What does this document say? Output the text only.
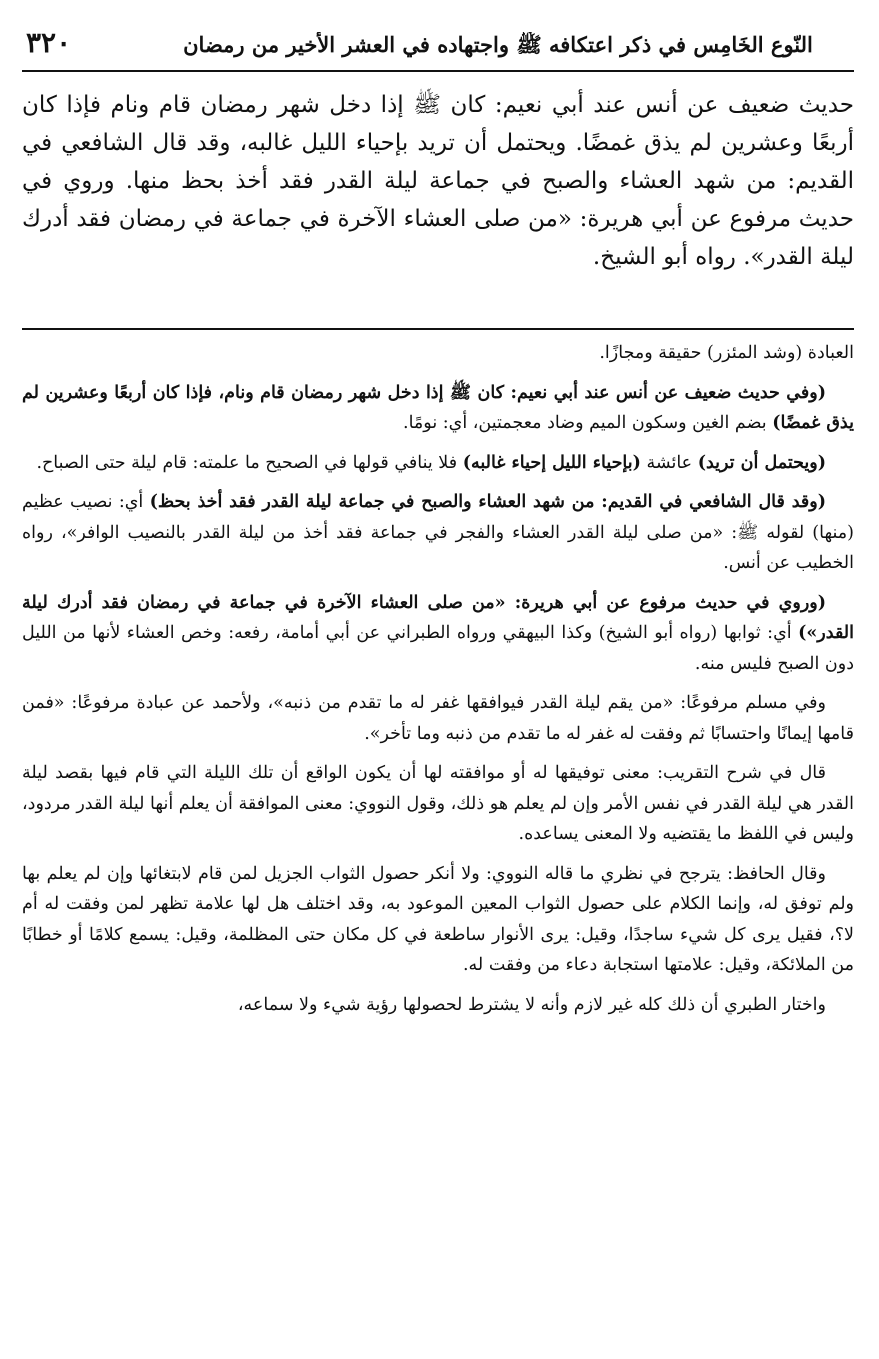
٣٢٠	النّوع الخَامِس في ذكر اعتكافه ﷺ واجتهاده في العشر الأخير من رمضان
حديث ضعيف عن أنس عند أبي نعيم: كان ﷺ إذا دخل شهر رمضان قام ونام فإذا كان أربعًا وعشرين لم يذق غمضًا. ويحتمل أن تريد بإحياء الليل غالبه، وقد قال الشافعي في القديم: من شهد العشاء والصبح في جماعة ليلة القدر فقد أخذ بحظ منها. وروي في حديث مرفوع عن أبي هريرة: «من صلى العشاء الآخرة في جماعة في رمضان فقد أدرك ليلة القدر». رواه أبو الشيخ.

العبادة (وشد المئزر) حقيقة ومجازًا.

(وفي حديث ضعيف عن أنس عند أبي نعيم: كان ﷺ إذا دخل شهر رمضان قام ونام، فإذا كان أربعًا وعشرين لم يذق غمضًا) بضم الغين وسكون الميم وضاد معجمتين، أي: نومًا.

(ويحتمل أن تريد) عائشة (بإحياء الليل إحياء غالبه) فلا ينافي قولها في الصحيح ما علمته: قام ليلة حتى الصباح.

(وقد قال الشافعي في القديم: من شهد العشاء والصبح في جماعة ليلة القدر فقد أخذ بحظ) أي: نصيب عظيم (منها) لقوله ﷺ: «من صلى ليلة القدر العشاء والفجر في جماعة فقد أخذ من ليلة القدر بالنصيب الوافر»، رواه الخطيب عن أنس.

(وروي في حديث مرفوع عن أبي هريرة: «من صلى العشاء الآخرة في جماعة في رمضان فقد أدرك ليلة القدر») أي: ثوابها (رواه أبو الشيخ) وكذا البيهقي ورواه الطبراني عن أبي أمامة، رفعه: وخص العشاء لأنها من الليل دون الصبح فليس منه.

وفي مسلم مرفوعًا: «من يقم ليلة القدر فيوافقها غفر له ما تقدم من ذنبه»، ولأحمد عن عبادة مرفوعًا: «فمن قامها إيمانًا واحتسابًا ثم وفقت له غفر له ما تقدم من ذنبه وما تأخر».

قال في شرح التقريب: معنى توفيقها له أو موافقته لها أن يكون الواقع أن تلك الليلة التي قام فيها بقصد ليلة القدر هي ليلة القدر في نفس الأمر وإن لم يعلم هو ذلك، وقول النووي: معنى الموافقة أن يعلم أنها ليلة القدر مردود، وليس في اللفظ ما يقتضيه ولا المعنى يساعده.

وقال الحافظ: يترجح في نظري ما قاله النووي: ولا أنكر حصول الثواب الجزيل لمن قام لابتغائها وإن لم يعلم بها ولم توفق له، وإنما الكلام على حصول الثواب المعين الموعود به، وقد اختلف هل لها علامة تظهر لمن وفقت له أم لا؟، فقيل يرى كل شيء ساجدًا، وقيل: يرى الأنوار ساطعة في كل مكان حتى المظلمة، وقيل: يسمع كلامًا أو خطابًا من الملائكة، وقيل: علامتها استجابة دعاء من وفقت له.

واختار الطبري أن ذلك كله غير لازم وأنه لا يشترط لحصولها رؤية شيء ولا سماعه،
